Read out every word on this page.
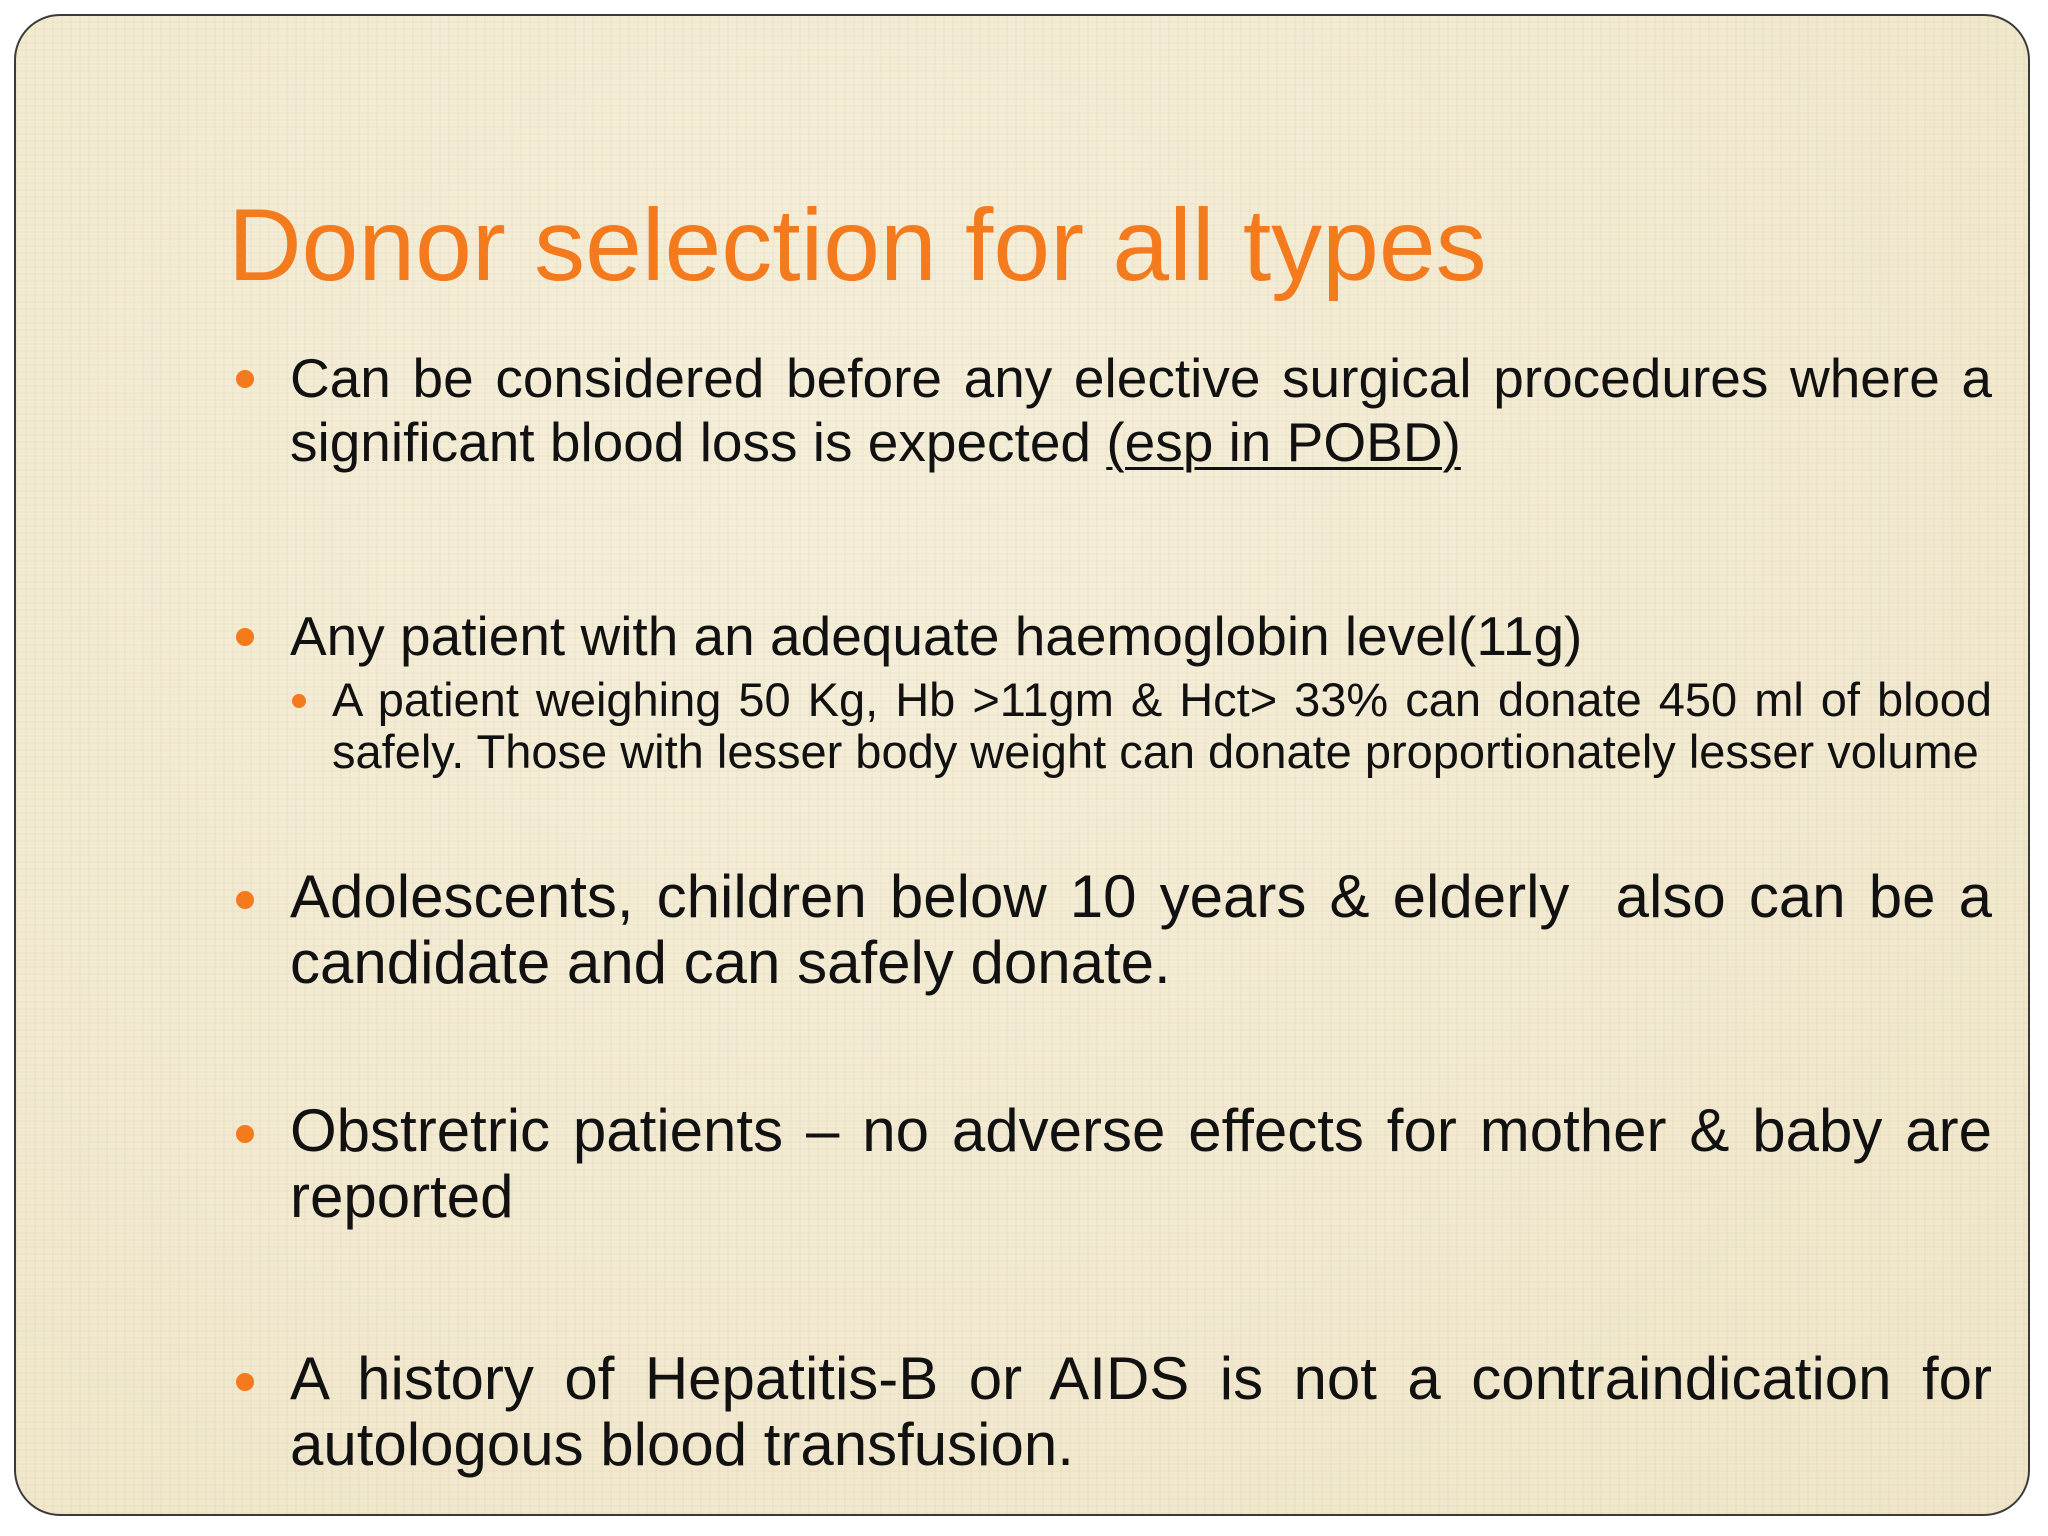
Donor selection for all types
Can be considered before any elective surgical procedures where a significant blood loss is expected (esp in POBD)
Any patient with an adequate haemoglobin level(11g)
A patient weighing 50 Kg, Hb >11gm & Hct> 33% can donate 450 ml of blood safely. Those with lesser body weight can donate proportionately lesser volume
Adolescents, children below 10 years & elderly  also can be a candidate and can safely donate.
Obstretric patients – no adverse effects for mother & baby are reported
A history of Hepatitis-B or AIDS is not a contraindication for autologous blood transfusion.
